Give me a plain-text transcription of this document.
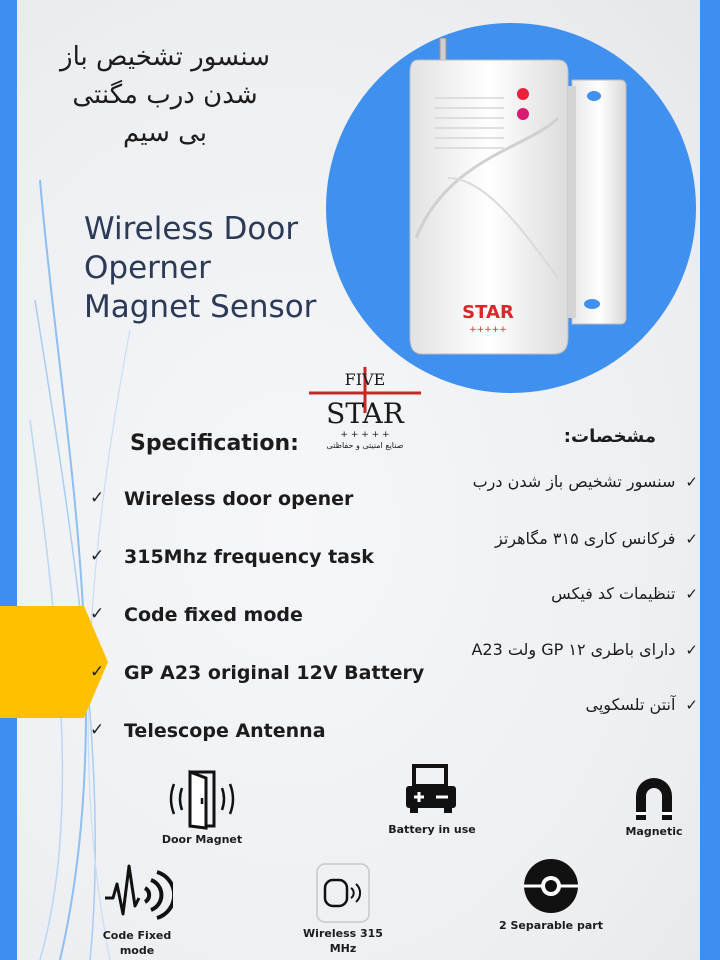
سنسور تشخیص باز
شدن درب مگنتی
بی سیم
Wireless Door
Operner
Magnet Sensor	STAR
+++++
FIVE
STAR
+ + + + +
صنایع امنیتی و حفاظتی
Specification:
✓ Wireless door opener
✓ 315Mhz frequency task
✓ Code fixed mode
✓ GP A23 original 12V Battery
✓ Telescope Antenna
مشخصات:
✓سنسور تشخیص باز شدن درب
✓فرکانس کاری ۳۱۵ مگاهرتز
✓تنظیمات کد فیکس
✓دارای باطری GP ۱۲ ولت A23
✓آنتن تلسکوپی
Door Magnet
Battery in use	Magnetic
Code Fixed mode
Wireless 315 MHz
2 Separable part
